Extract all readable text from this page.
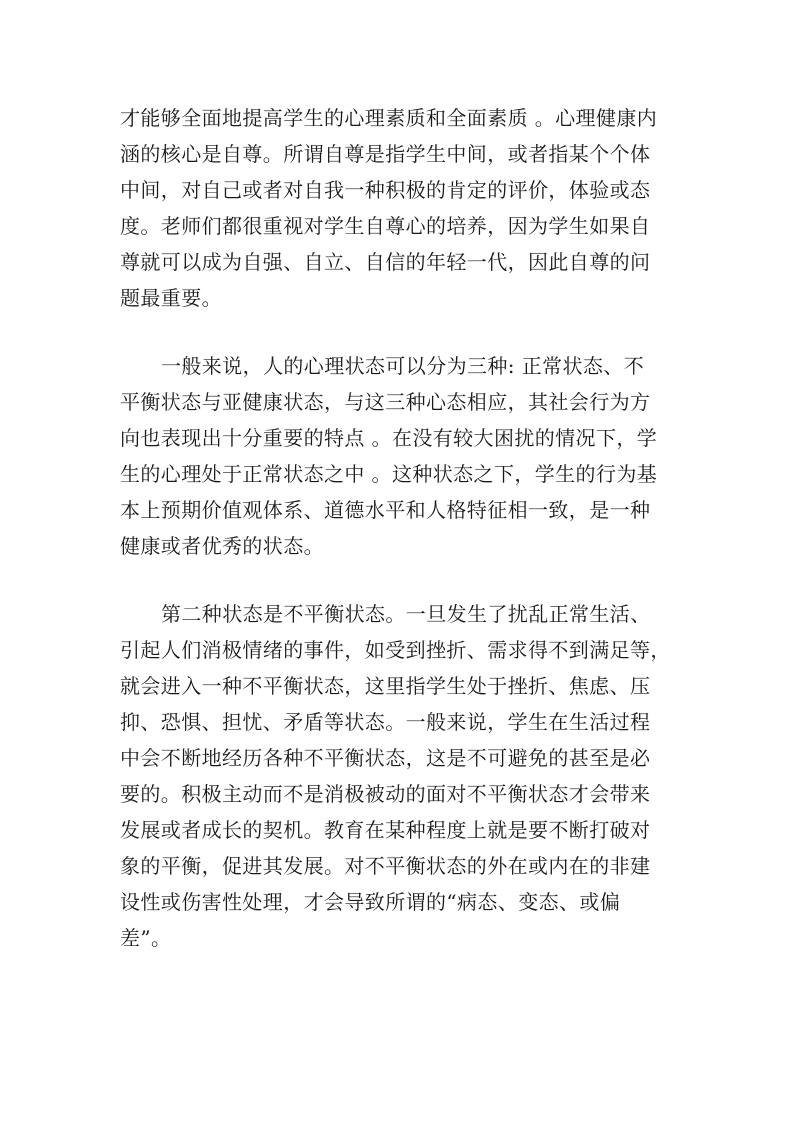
才能够全面地提高学生的心理素质和全面素质 。心理健康内
涵的核心是自尊。所谓自尊是指学生中间，或者指某个个体
中间，对自己或者对自我一种积极的肯定的评价，体验或态
度。老师们都很重视对学生自尊心的培养，因为学生如果自
尊就可以成为自强、自立、自信的年轻一代，因此自尊的问
题最重要。
一般来说，人的心理状态可以分为三种: 正常状态、不
平衡状态与亚健康状态，与这三种心态相应，其社会行为方
向也表现出十分重要的特点 。在没有较大困扰的情况下，学
生的心理处于正常状态之中 。这种状态之下，学生的行为基
本上预期价值观体系、道德水平和人格特征相一致，是一种
健康或者优秀的状态。
第二种状态是不平衡状态。一旦发生了扰乱正常生活、
引起人们消极情绪的事件，如受到挫折、需求得不到满足等，
就会进入一种不平衡状态，这里指学生处于挫折、焦虑、压
抑、恐惧、担忧、矛盾等状态。一般来说，学生在生活过程
中会不断地经历各种不平衡状态，这是不可避免的甚至是必
要的。积极主动而不是消极被动的面对不平衡状态才会带来
发展或者成长的契机。教育在某种程度上就是要不断打破对
象的平衡，促进其发展。对不平衡状态的外在或内在的非建
设性或伤害性处理，才会导致所谓的“病态、变态、或偏
差”。
